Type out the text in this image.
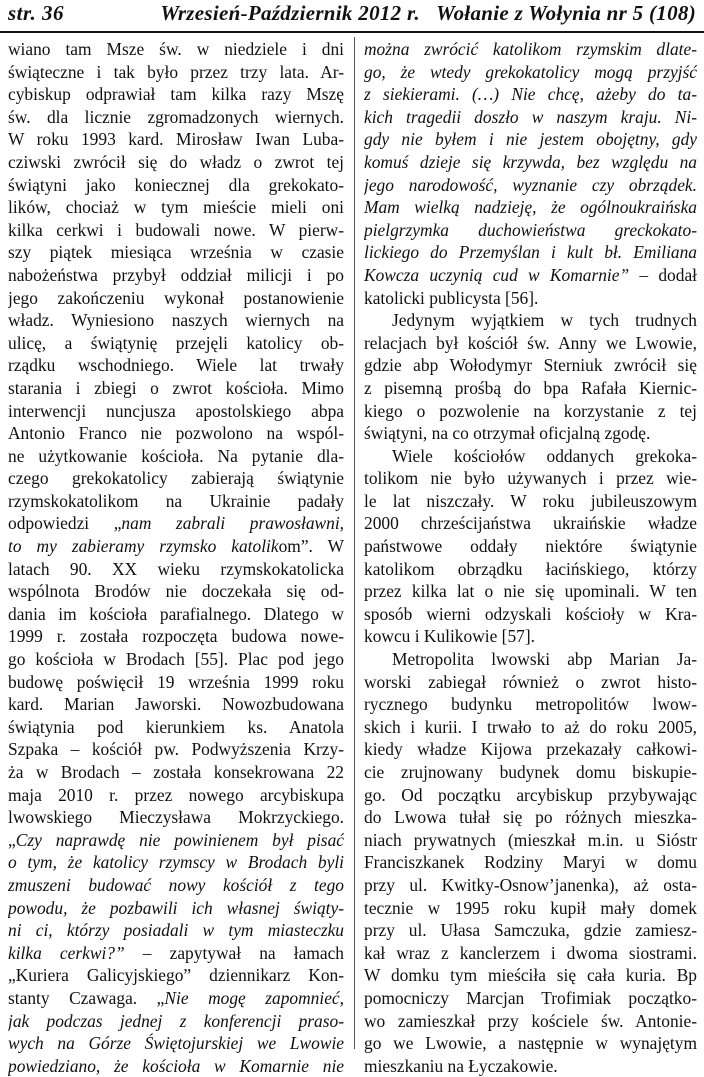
str. 36	Wrzesień-Październik 2012 r.   Wołanie z Wołynia nr 5 (108)
wiano tam Msze św. w niedziele i dni
świąteczne i tak było przez trzy lata. Ar-
cybiskup odprawiał tam kilka razy Mszę
św. dla licznie zgromadzonych wiernych.
W roku 1993 kard. Mirosław Iwan Luba-
cziwski zwrócił się do władz o zwrot tej
świątyni jako koniecznej dla grekokato-
lików, chociaż w tym mieście mieli oni
kilka cerkwi i budowali nowe. W pierw-
szy piątek miesiąca września w czasie
nabożeństwa przybył oddział milicji i po
jego zakończeniu wykonał postanowienie
władz. Wyniesiono naszych wiernych na
ulicę, a świątynię przejęli katolicy ob-
rządku wschodniego. Wiele lat trwały
starania i zbiegi o zwrot kościoła. Mimo
interwencji nuncjusza apostolskiego abpa
Antonio Franco nie pozwolono na wspól-
ne użytkowanie kościoła. Na pytanie dla-
czego grekokatolicy zabierają świątynie
rzymskokatolikom na Ukrainie padały
odpowiedzi „nam zabrali prawosławni,
to my zabieramy rzymsko katolikom”. W
latach 90. XX wieku rzymskokatolicka
wspólnota Brodów nie doczekała się od-
dania im kościoła parafialnego. Dlatego w
1999 r. została rozpoczęta budowa nowe-
go kościoła w Brodach [55]. Plac pod jego
budowę poświęcił 19 września 1999 roku
kard. Marian Jaworski. Nowozbudowana
świątynia pod kierunkiem ks. Anatola
Szpaka – kościół pw. Podwyższenia Krzy-
ża w Brodach – została konsekrowana 22
maja 2010 r. przez nowego arcybiskupa
lwowskiego Mieczysława Mokrzyckiego.
„Czy naprawdę nie powinienem był pisać
o tym, że katolicy rzymscy w Brodach byli
zmuszeni budować nowy kościół z tego
powodu, że pozbawili ich własnej świąty-
ni ci, którzy posiadali w tym miasteczku
kilka cerkwi?” – zapytywał na łamach
„Kuriera Galicyjskiego” dziennikarz Kon-
stanty Czawaga. „Nie mogę zapomnieć,
jak podczas jednej z konferencji praso-
wych na Górze Świętojurskiej we Lwowie
powiedziano, że kościoła w Komarnie nie
można zwrócić katolikom rzymskim dlate-
go, że wtedy grekokatolicy mogą przyjść
z siekierami. (…) Nie chcę, ażeby do ta-
kich tragedii doszło w naszym kraju. Ni-
gdy nie byłem i nie jestem obojętny, gdy
komuś dzieje się krzywda, bez względu na
jego narodowość, wyznanie czy obrządek.
Mam wielką nadzieję, że ogólnoukraińska
pielgrzymka duchowieństwa greckokato-
lickiego do Przemyślan i kult bł. Emiliana
Kowcza uczynią cud w Komarnie” – dodał
katolicki publicysta [56].
Jedynym wyjątkiem w tych trudnych
relacjach był kościół św. Anny we Lwowie,
gdzie abp Wołodymyr Sterniuk zwrócił się
z pisemną prośbą do bpa Rafała Kiernic-
kiego o pozwolenie na korzystanie z tej
świątyni, na co otrzymał oficjalną zgodę.
Wiele kościołów oddanych grekoka-
tolikom nie było używanych i przez wie-
le lat niszczały. W roku jubileuszowym
2000 chrześcijaństwa ukraińskie władze
państwowe oddały niektóre świątynie
katolikom obrządku łacińskiego, którzy
przez kilka lat o nie się upominali. W ten
sposób wierni odzyskali kościoły w Kra-
kowcu i Kulikowie [57].
Metropolita lwowski abp Marian Ja-
worski zabiegał również o zwrot histo-
rycznego budynku metropolitów lwow-
skich i kurii. I trwało to aż do roku 2005,
kiedy władze Kijowa przekazały całkowi-
cie zrujnowany budynek domu biskupie-
go. Od początku arcybiskup przybywając
do Lwowa tułał się po różnych mieszka-
niach prywatnych (mieszkał m.in. u Sióstr
Franciszkanek Rodziny Maryi w domu
przy ul. Kwitky-Osnow’janenka), aż osta-
tecznie w 1995 roku kupił mały domek
przy ul. Ułasa Samczuka, gdzie zamiesz-
kał wraz z kanclerzem i dwoma siostrami.
W domku tym mieściła się cała kuria. Bp
pomocniczy Marcjan Trofimiak początko-
wo zamieszkał przy kościele św. Antonie-
go we Lwowie, a następnie w wynajętym
mieszkaniu na Łyczakowie.
